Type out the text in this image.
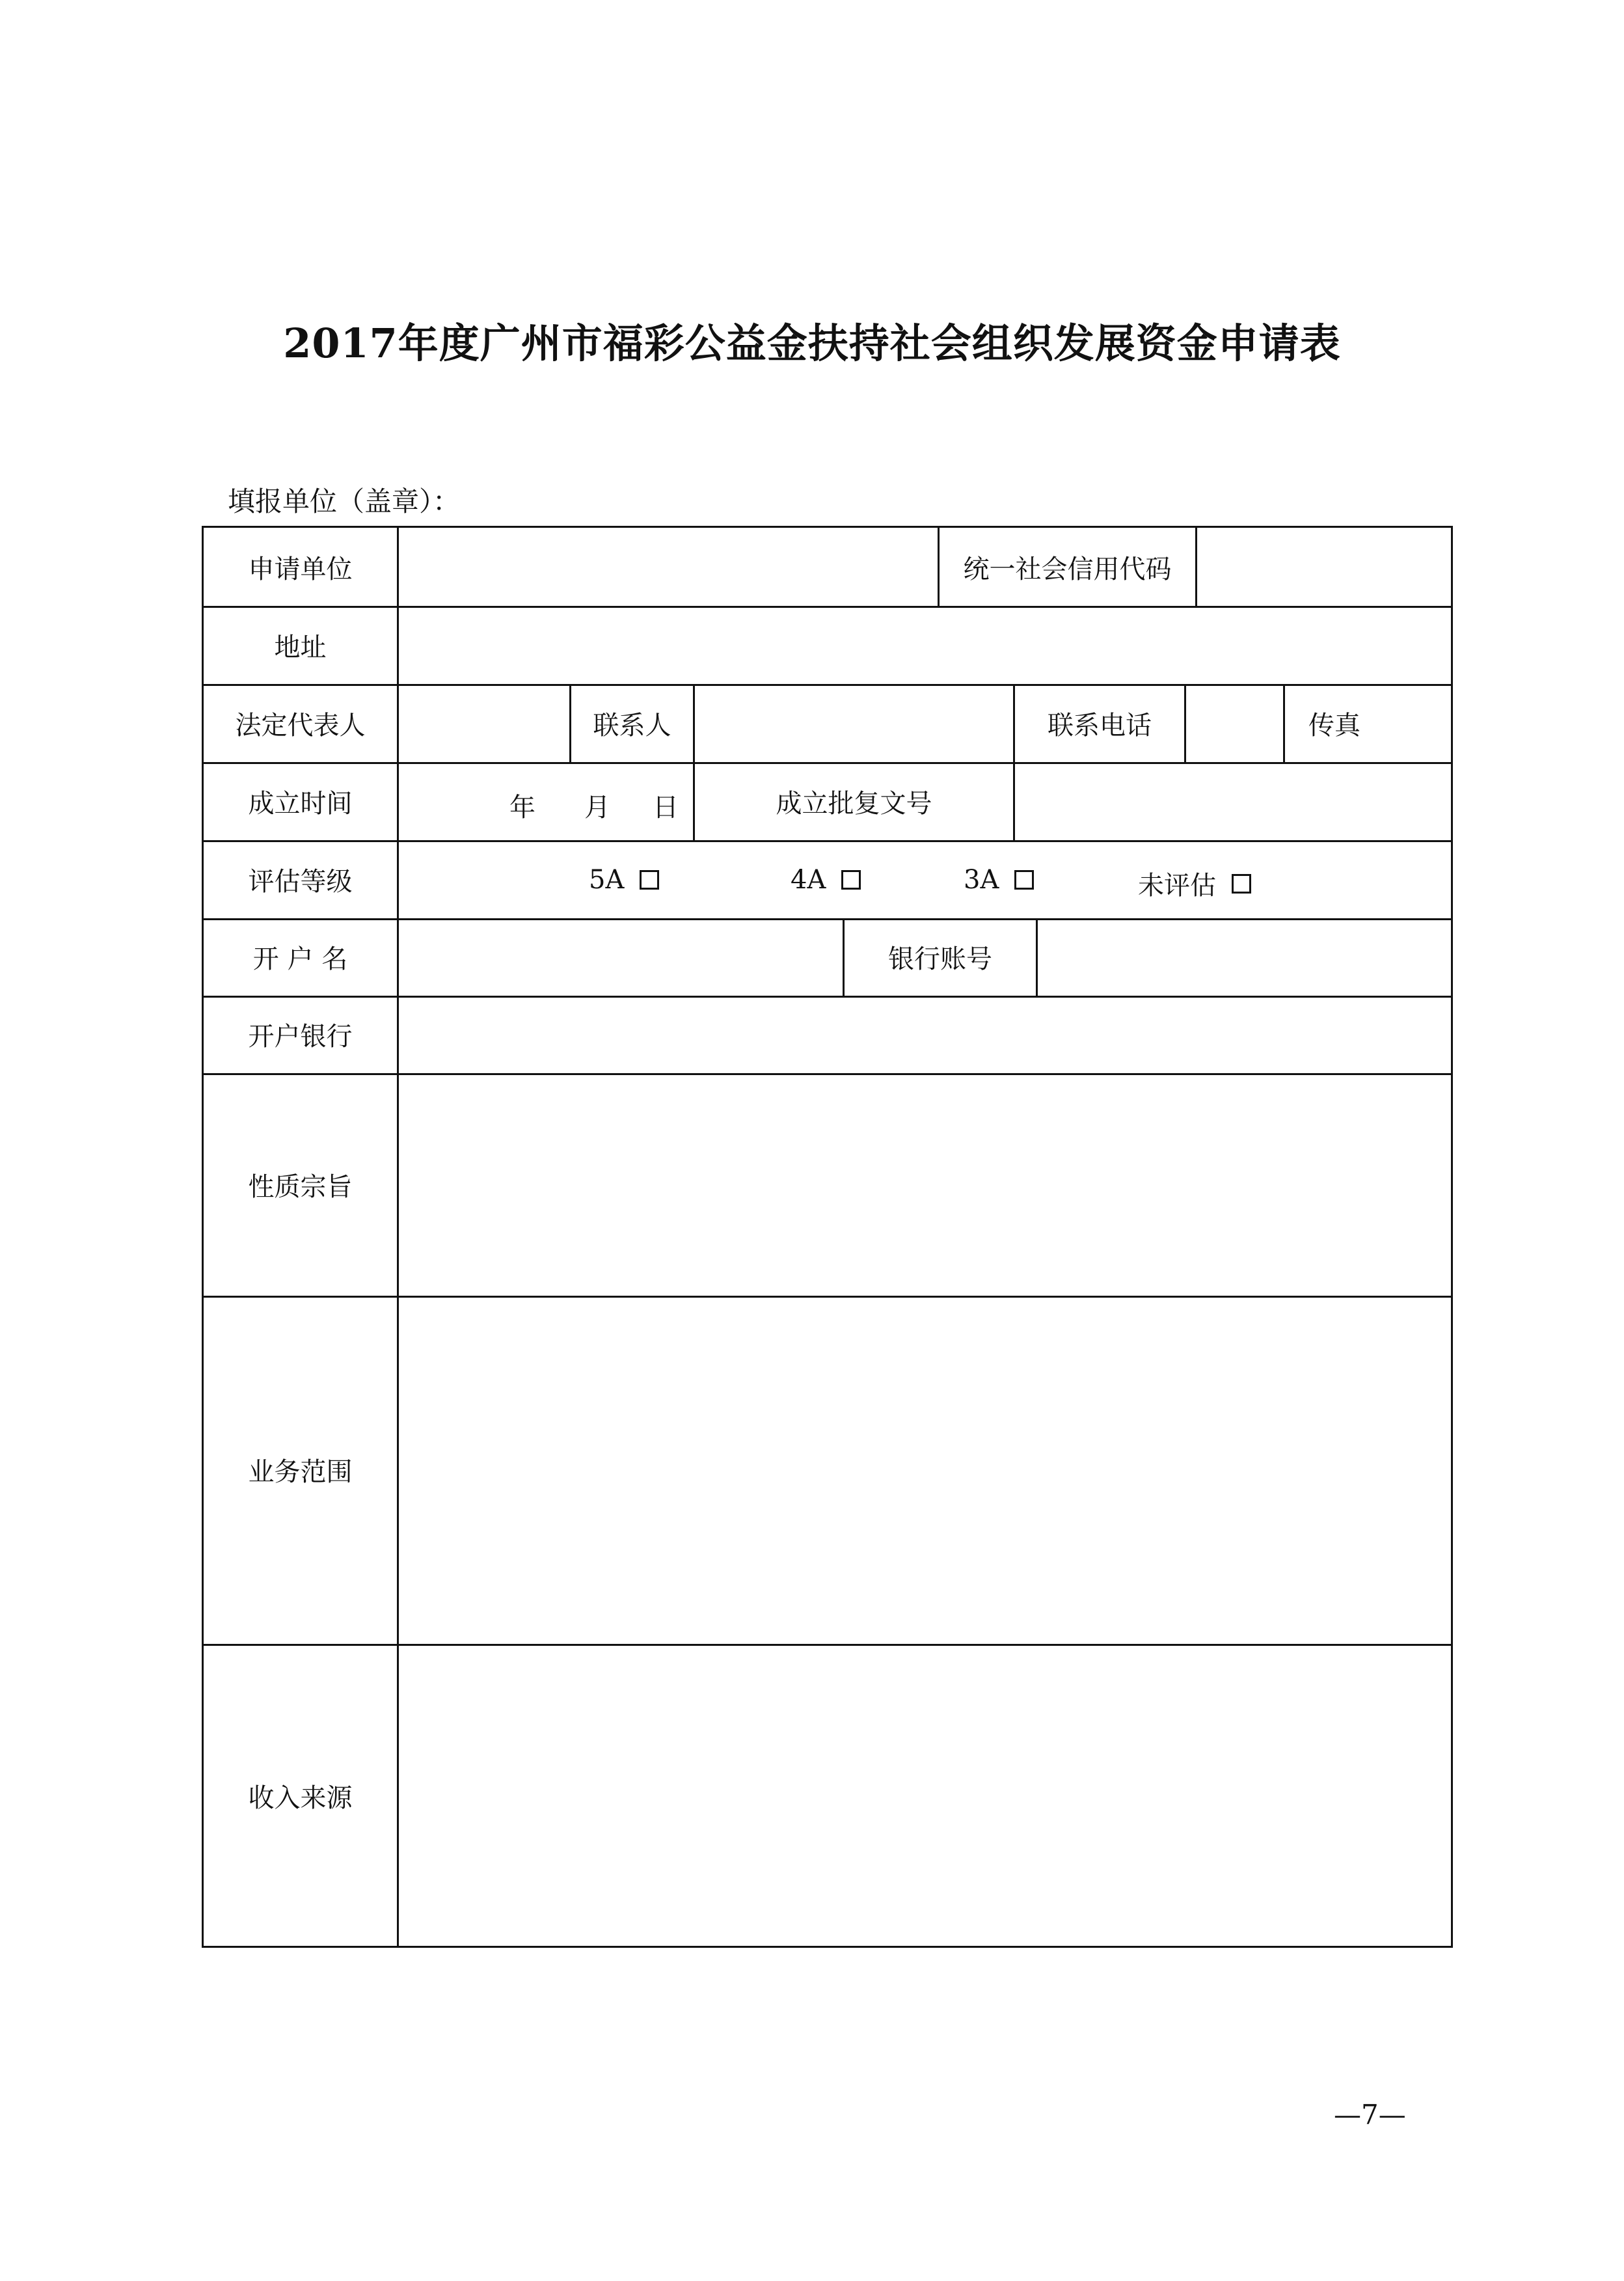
2017年度广州市福彩公益金扶持社会组织发展资金申请表
填报单位（盖章）：
申请单位	统一社会信用代码
地址
法定代表人	联系人	联系电话	传真
成立时间	年 月 日	成立批复文号
评估等级	5A	4A	3A	未评估
开 户 名	银行账号
开户银行
性质宗旨
业务范围
收入来源
—7—
